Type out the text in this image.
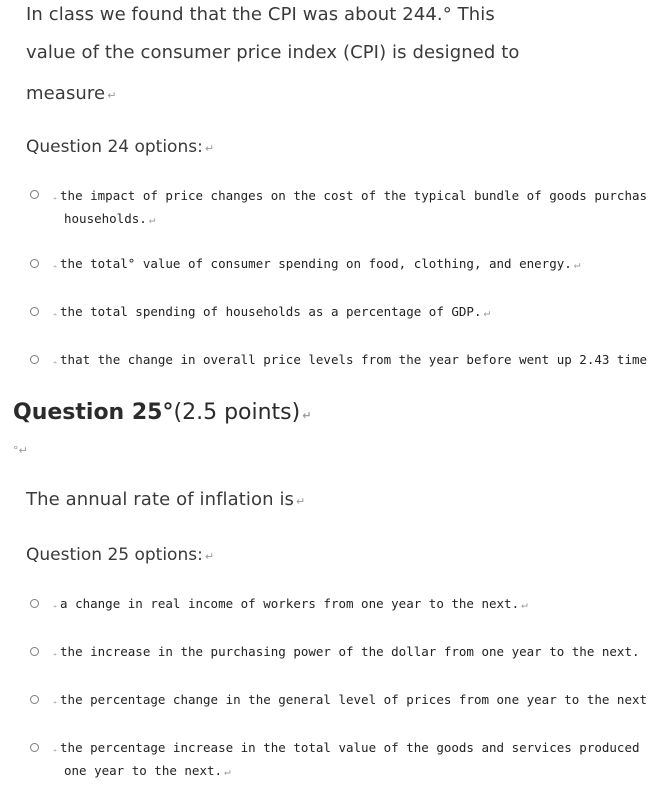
In class we found that the CPI was about 244.° This
value of the consumer price index (CPI) is designed to
measure ↵
Question 24 options: ↵
₊ the impact of price changes on the cost of the typical bundle of goods purchas
households. ↵
₊ the total° value of consumer spending on food, clothing, and energy. ↵
₊ the total spending of households as a percentage of GDP. ↵
₊ that the change in overall price levels from the year before went up 2.43 time
Question 25°(2.5 points) ↵
°↵
The annual rate of inflation is ↵
Question 25 options: ↵
₊ a change in real income of workers from one year to the next. ↵
₊ the increase in the purchasing power of the dollar from one year to the next.
₊ the percentage change in the general level of prices from one year to the next
₊ the percentage increase in the total value of the goods and services produced
one year to the next. ↵
